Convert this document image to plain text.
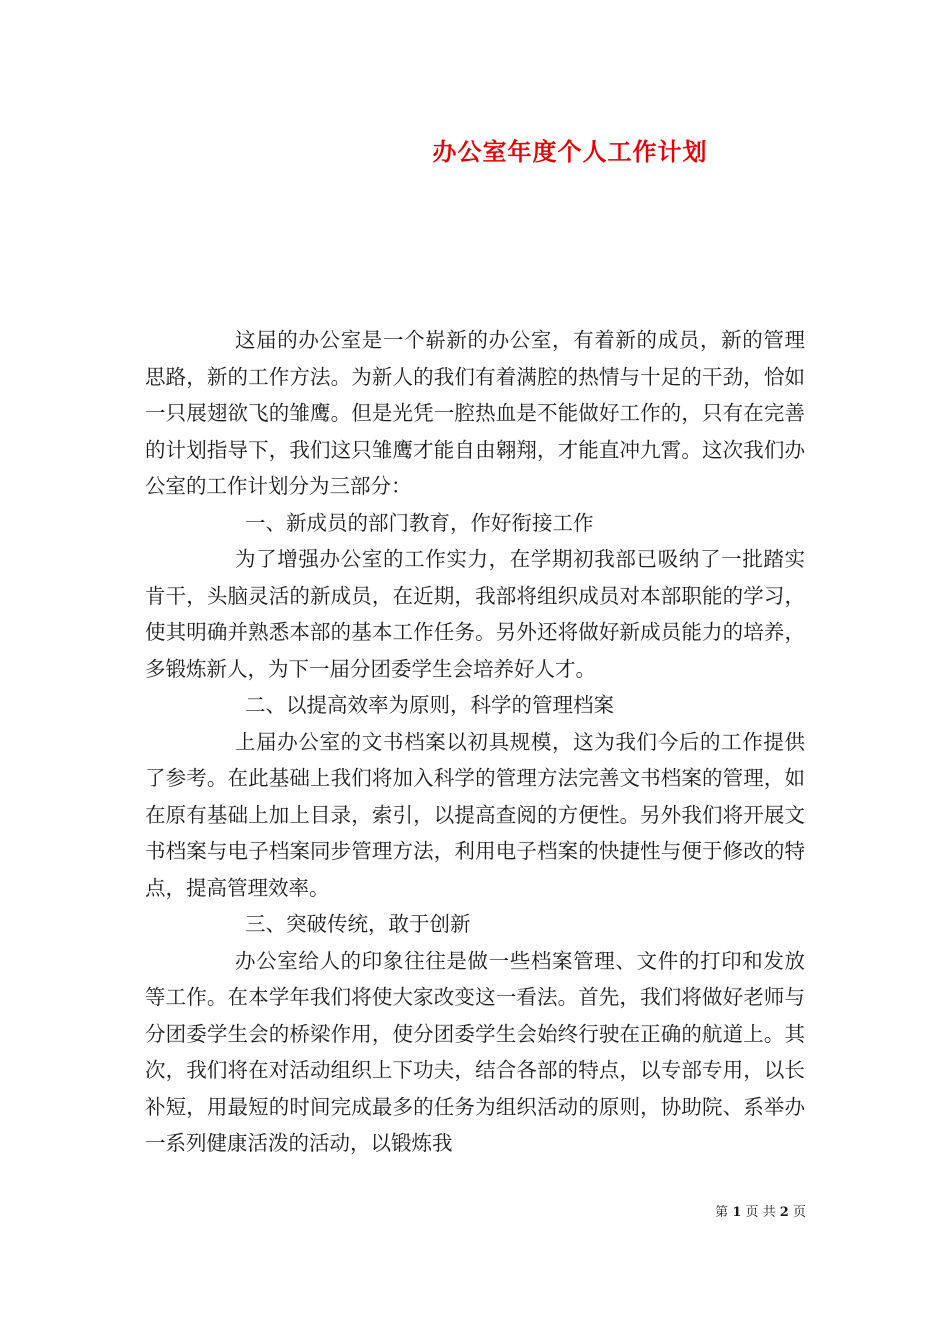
办公室年度个人工作计划

这届的办公室是一个崭新的办公室，有着新的成员，新的管理思路，新的工作方法。为新人的我们有着满腔的热情与十足的干劲，恰如一只展翅欲飞的雏鹰。但是光凭一腔热血是不能做好工作的，只有在完善的计划指导下，我们这只雏鹰才能自由翱翔，才能直冲九霄。这次我们办公室的工作计划分为三部分：

一、新成员的部门教育，作好衔接工作

为了增强办公室的工作实力，在学期初我部已吸纳了一批踏实肯干，头脑灵活的新成员，在近期，我部将组织成员对本部职能的学习，使其明确并熟悉本部的基本工作任务。另外还将做好新成员能力的培养，多锻炼新人，为下一届分团委学生会培养好人才。

二、以提高效率为原则，科学的管理档案

上届办公室的文书档案以初具规模，这为我们今后的工作提供了参考。在此基础上我们将加入科学的管理方法完善文书档案的管理，如在原有基础上加上目录，索引，以提高查阅的方便性。另外我们将开展文书档案与电子档案同步管理方法，利用电子档案的快捷性与便于修改的特点，提高管理效率。

三、突破传统，敢于创新

办公室给人的印象往往是做一些档案管理、文件的打印和发放等工作。在本学年我们将使大家改变这一看法。首先，我们将做好老师与分团委学生会的桥梁作用，使分团委学生会始终行驶在正确的航道上。其次，我们将在对活动组织上下功夫，结合各部的特点，以专部专用，以长补短，用最短的时间完成最多的任务为组织活动的原则，协助院、系举办一系列健康活泼的活动，以锻炼我

第 1 页 共 2 页
